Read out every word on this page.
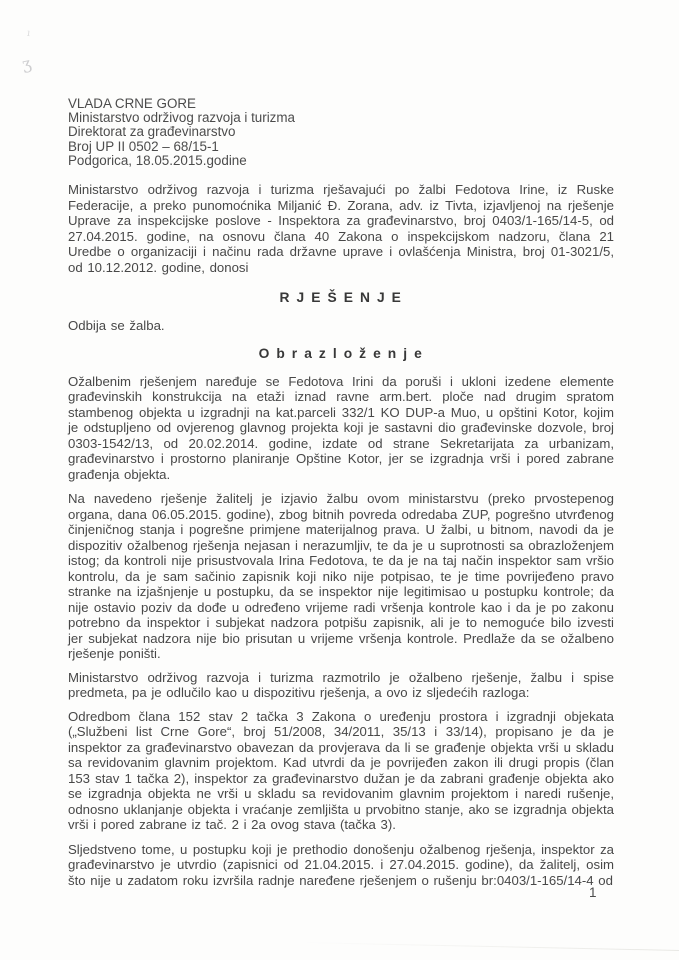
ı
ʒ
VLADA CRNE GORE
Ministarstvo održivog razvoja i turizma
Direktorat za građevinarstvo
Broj UP II 0502 – 68/15-1
Podgorica, 18.05.2015.godine

Ministarstvo održivog razvoja i turizma rješavajući po žalbi Fedotova Irine, iz Ruske Federacije, a preko punomoćnika Miljanić Đ. Zorana, adv. iz Tivta, izjavljenoj na rješenje Uprave za inspekcijske poslove - Inspektora za građevinarstvo, broj 0403/1-165/14-5, od 27.04.2015. godine, na osnovu člana 40 Zakona o inspekcijskom nadzoru, člana 21 Uredbe o organizaciji i načinu rada državne uprave i ovlašćenja Ministra, broj 01-3021/5, od 10.12.2012. godine, donosi

R J E Š E N J E

Odbija se žalba.

O b r a z l o ž e n j e

Ožalbenim rješenjem naređuje se Fedotova Irini da poruši i ukloni izedene elemente građevinskih konstrukcija na etaži iznad ravne arm.bert. ploče nad drugim spratom stambenog objekta u izgradnji na kat.parceli 332/1 KO DUP-a Muo, u opštini Kotor, kojim je odstupljeno od ovjerenog glavnog projekta koji je sastavni dio građevinske dozvole, broj 0303-1542/13, od 20.02.2014. godine, izdate od strane Sekretarijata za urbanizam, građevinarstvo i prostorno planiranje Opštine Kotor, jer se izgradnja vrši i pored zabrane građenja objekta.

Na navedeno rješenje žalitelj je izjavio žalbu ovom ministarstvu (preko prvostepenog organa, dana 06.05.2015. godine), zbog bitnih povreda odredaba ZUP, pogrešno utvrđenog činjeničnog stanja i pogrešne primjene materijalnog prava. U žalbi, u bitnom, navodi da je dispozitiv ožalbenog rješenja nejasan i nerazumljiv, te da je u suprotnosti sa obrazloženjem istog; da kontroli nije prisustvovala Irina Fedotova, te da je na taj način inspektor sam vršio kontrolu, da je sam sačinio zapisnik koji niko nije potpisao, te je time povrijeđeno pravo stranke na izjašnjenje u postupku, da se inspektor nije legitimisao u postupku kontrole; da nije ostavio poziv da dođe u određeno vrijeme radi vršenja kontrole kao i da je po zakonu potrebno da inspektor i subjekat nadzora potpišu zapisnik, ali je to nemoguće bilo izvesti jer subjekat nadzora nije bio prisutan u vrijeme vršenja kontrole. Predlaže da se ožalbeno rješenje poništi.

Ministarstvo održivog razvoja i turizma razmotrilo je ožalbeno rješenje, žalbu i spise predmeta, pa je odlučilo kao u dispozitivu rješenja, a ovo iz sljedećih razloga:

Odredbom člana 152 stav 2 tačka 3 Zakona o uređenju prostora i izgradnji objekata („Službeni list Crne Gore“, broj 51/2008, 34/2011, 35/13 i 33/14), propisano je da je inspektor za građevinarstvo obavezan da provjerava da li se građenje objekta vrši u skladu sa revidovanim glavnim projektom. Kad utvrdi da je povrijeđen zakon ili drugi propis (član 153 stav 1 tačka 2), inspektor za građevinarstvo dužan je da zabrani građenje objekta ako se izgradnja objekta ne vrši u skladu sa revidovanim glavnim projektom i naredi rušenje, odnosno uklanjanje objekta i vraćanje zemljišta u prvobitno stanje, ako se izgradnja objekta vrši i pored zabrane iz tač. 2 i 2a ovog stava (tačka 3).

Sljedstveno tome, u postupku koji je prethodio donošenju ožalbenog rješenja, inspektor za građevinarstvo je utvrdio (zapisnici od 21.04.2015. i 27.04.2015. godine), da žalitelj, osim što nije u zadatom roku izvršila radnje naređene rješenjem o rušenju br:0403/1-165/14-4 od

1
